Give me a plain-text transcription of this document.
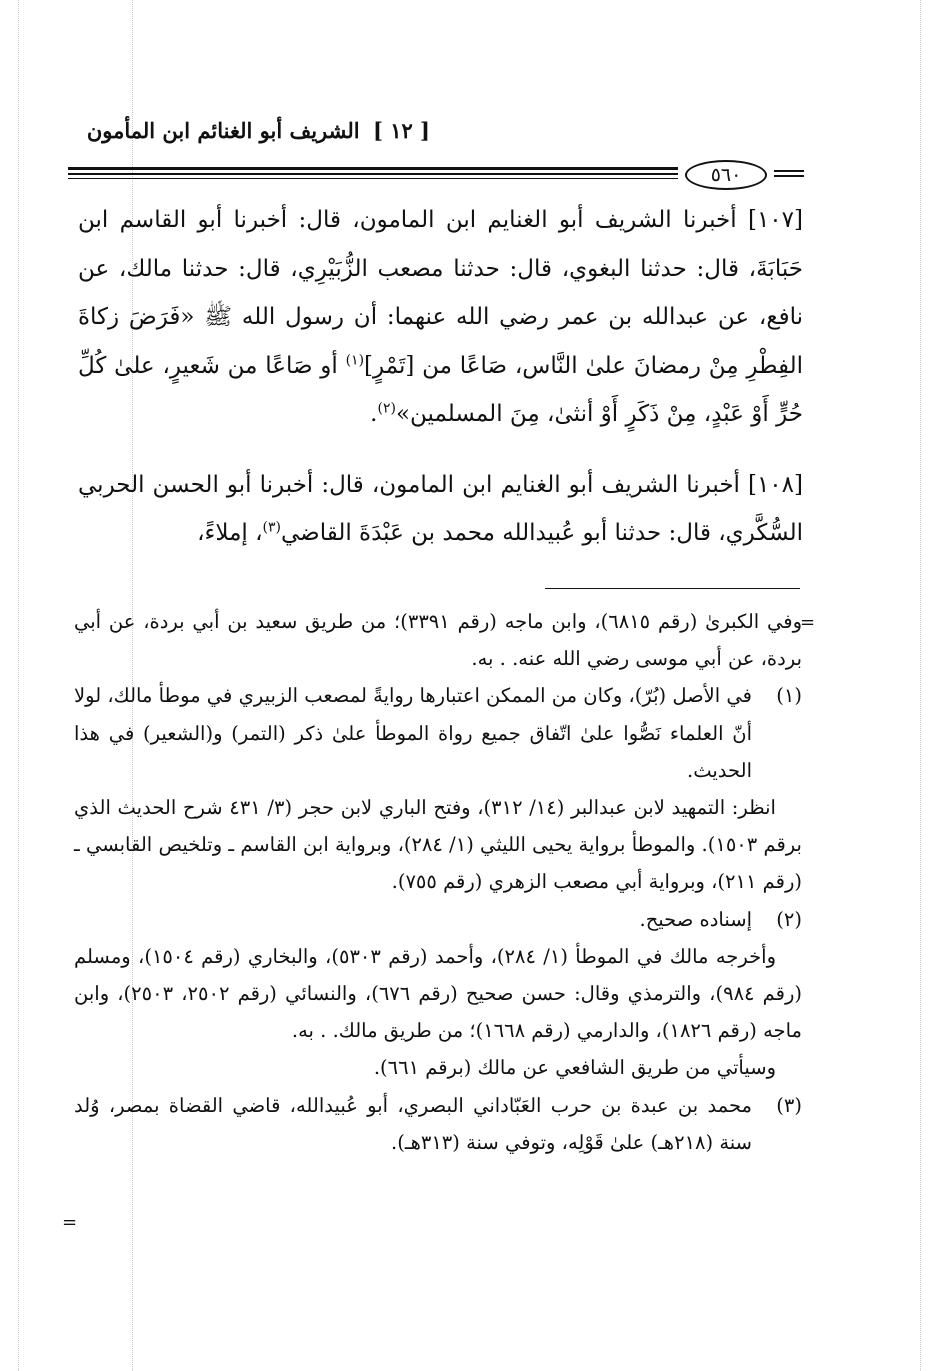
[ ١٢ ] الشريف أبو الغنائم ابن المأمون
٥٦٠

[١٠٧] أخبرنا الشريف أبو الغنايم ابن المامون، قال: أخبرنا أبو القاسم ابن حَبَابَةَ، قال: حدثنا البغوي، قال: حدثنا مصعب الزُّبَيْرِي، قال: حدثنا مالك، عن نافع، عن عبدالله بن عمر رضي الله عنهما: أن رسول الله ﷺ «فَرَضَ زكاةَ الفِطْرِ مِنْ رمضانَ علىٰ النَّاس، صَاعًا من [تَمْرٍ]$^{(١)}$ أو صَاعًا من شَعيرٍ، علىٰ كُلِّ حُرٍّ أَوْ عَبْدٍ، مِنْ ذَكَرٍ أَوْ أنثىٰ، مِنَ المسلمين»$^{(٢)}$.

[١٠٨] أخبرنا الشريف أبو الغنايم ابن المامون، قال: أخبرنا أبو الحسن الحربي السُّكَّري، قال: حدثنا أبو عُبيدالله محمد بن عَبْدَةَ القاضي$^{(٣)}$، إملاءً،

=
=

وفي الكبرىٰ (رقم ٦٨١٥)، وابن ماجه (رقم ٣٣٩١)؛ من طريق سعيد بن أبي بردة، عن أبي بردة، عن أبي موسى رضي الله عنه. . به.

(١)

في الأصل (بُرّ)، وكان من الممكن اعتبارها روايةً لمصعب الزبيري في موطأ مالك، لولا أنّ العلماء نَصُّوا علىٰ اتّفاق جميع رواة الموطأ علىٰ ذكر (التمر) و(الشعير) في هذا الحديث.

انظر: التمهيد لابن عبدالبر (١٤/ ٣١٢)، وفتح الباري لابن حجر (٣/ ٤٣١ شرح الحديث الذي برقم ١٥٠٣). والموطأ برواية يحيى الليثي (١/ ٢٨٤)، وبرواية ابن القاسم ـ وتلخيص القابسي ـ (رقم ٢١١)، وبرواية أبي مصعب الزهري (رقم ٧٥٥).

(٢)

إسناده صحيح.

وأخرجه مالك في الموطأ (١/ ٢٨٤)، وأحمد (رقم ٥٣٠٣)، والبخاري (رقم ١٥٠٤)، ومسلم (رقم ٩٨٤)، والترمذي وقال: حسن صحيح (رقم ٦٧٦)، والنسائي (رقم ٢٥٠٢، ٢٥٠٣)، وابن ماجه (رقم ١٨٢٦)، والدارمي (رقم ١٦٦٨)؛ من طريق مالك. . به.

وسيأتي من طريق الشافعي عن مالك (برقم ٦٦١).

(٣)

محمد بن عبدة بن حرب العَبّاداني البصري، أبو عُبيدالله، قاضي القضاة بمصر، وُلد سنة (٢١٨هـ) علىٰ قَوْلِه، وتوفي سنة (٣١٣هـ).
